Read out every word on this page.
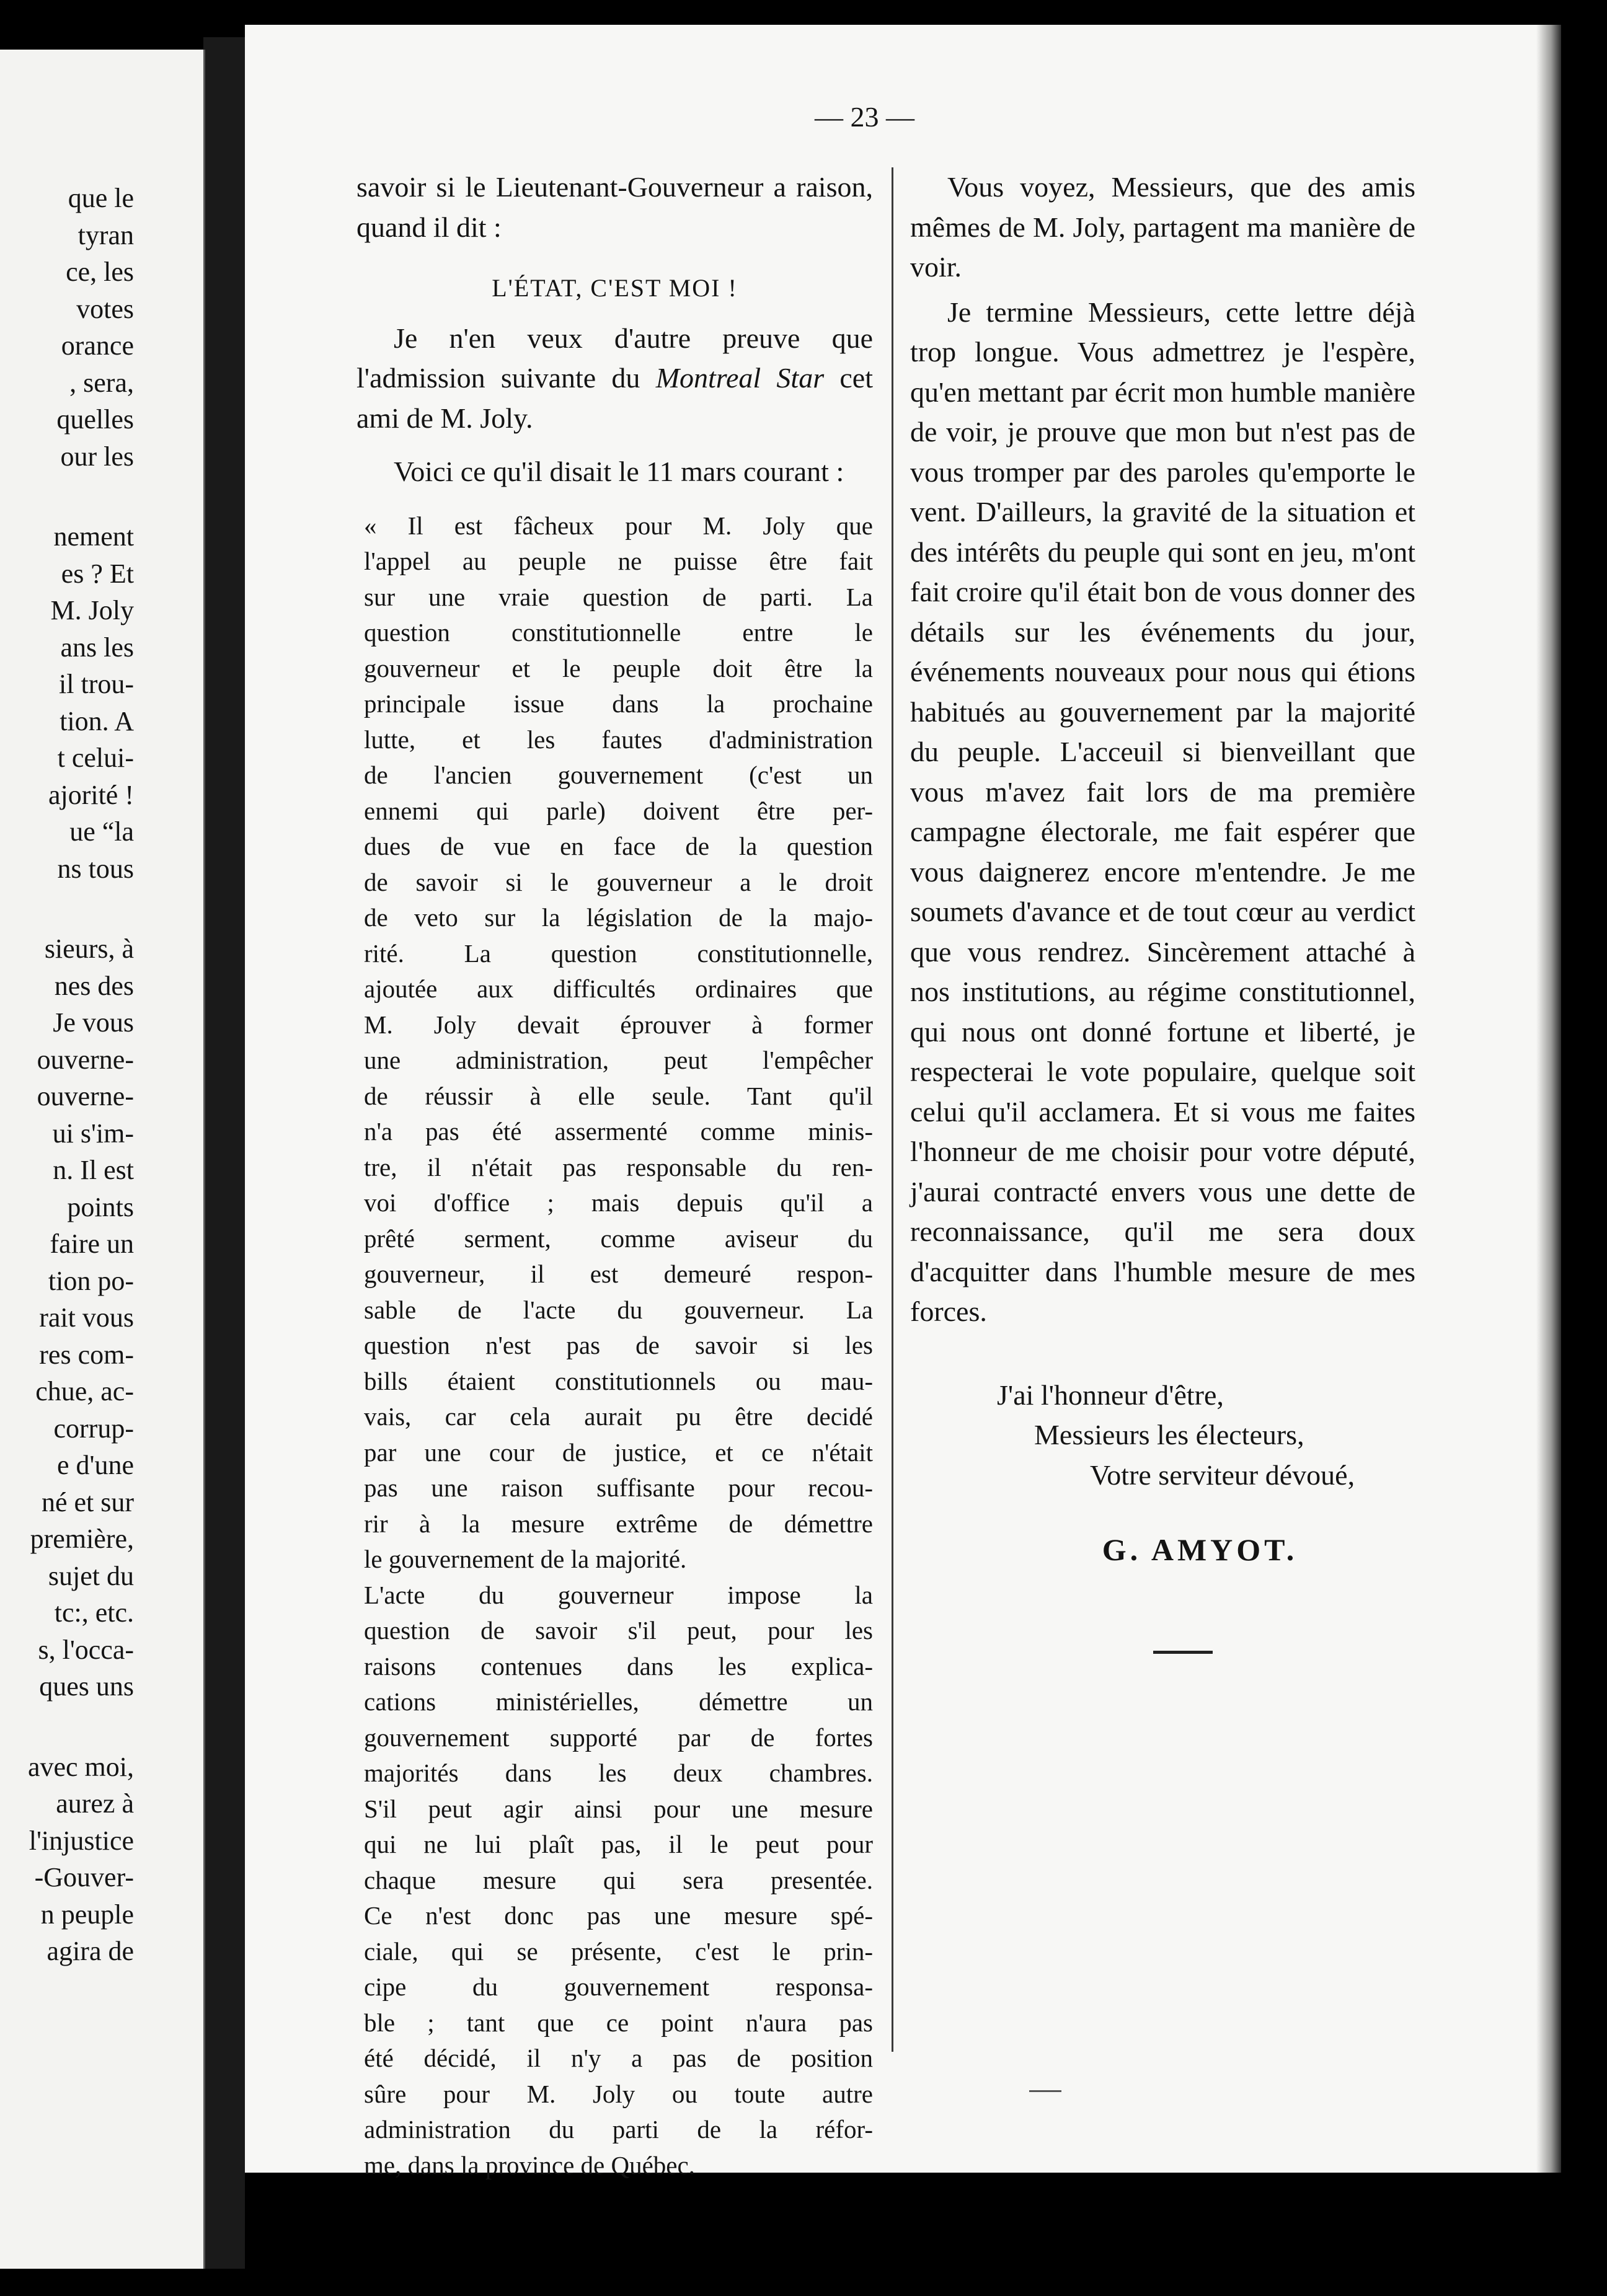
que le
tyran
ce, les
votes
orance
, sera,
quelles
our les
nement
es ? Et
M. Joly
ans les
il trou-
tion. A
t celui-
ajorité !
ue “la
ns tous
sieurs, à
nes des
Je vous
ouverne-
ouverne-
ui s'im-
n. Il est
points
faire un
tion po-
rait vous
res com-
chue, ac-
corrup-
e d'une
né et sur
première,
sujet du
tc:, etc.
s, l'occa-
ques uns
avec moi,
aurez à
l'injustice
-Gouver-
n peuple
agira de
— 23 —

savoir si le Lieutenant-Gouverneur a raison, quand il dit :

L'ÉTAT, C'EST MOI !

Je n'en veux d'autre preuve que l'admission suivante du Montreal Star cet ami de M. Joly.

Voici ce qu'il disait le 11 mars courant :

« Il est fâcheux pour M. Joly que
l'appel au peuple ne puisse être fait
sur une vraie question de parti. La
question constitutionnelle entre le
gouverneur et le peuple doit être la
principale issue dans la prochaine
lutte, et les fautes d'administration
de l'ancien gouvernement (c'est un
ennemi qui parle) doivent être per-
dues de vue en face de la question
de savoir si le gouverneur a le droit
de veto sur la législation de la majo-
rité. La question constitutionnelle,
ajoutée aux difficultés ordinaires que
M. Joly devait éprouver à former
une administration, peut l'empêcher
de réussir à elle seule. Tant qu'il
n'a pas été assermenté comme minis-
tre, il n'était pas responsable du ren-
voi d'office ; mais depuis qu'il a
prêté serment, comme aviseur du
gouverneur, il est demeuré respon-
sable de l'acte du gouverneur. La
question n'est pas de savoir si les
bills étaient constitutionnels ou mau-
vais, car cela aurait pu être decidé
par une cour de justice, et ce n'était
pas une raison suffisante pour recou-
rir à la mesure extrême de démettre
le gouvernement de la majorité.
L'acte du gouverneur impose la
question de savoir s'il peut, pour les
raisons contenues dans les explica-
cations ministérielles, démettre un
gouvernement supporté par de fortes
majorités dans les deux chambres.
S'il peut agir ainsi pour une mesure
qui ne lui plaît pas, il le peut pour
chaque mesure qui sera presentée.
Ce n'est donc pas une mesure spé-
ciale, qui se présente, c'est le prin-
cipe du gouvernement responsa-
ble ; tant que ce point n'aura pas
été décidé, il n'y a pas de position
sûre pour M. Joly ou toute autre
administration du parti de la réfor-
me, dans la province de Québec.

Vous voyez, Messieurs, que des amis mêmes de M. Joly, partagent ma manière de voir.

Je termine Messieurs, cette lettre déjà trop longue. Vous admettrez je l'espère, qu'en mettant par écrit mon humble manière de voir, je prouve que mon but n'est pas de vous tromper par des paroles qu'emporte le vent. D'ailleurs, la gravité de la situation et des intérêts du peuple qui sont en jeu, m'ont fait croire qu'il était bon de vous donner des détails sur les événements du jour, événements nouveaux pour nous qui étions habitués au gouvernement par la majorité du peuple. L'acceuil si bienveillant que vous m'avez fait lors de ma première campagne électorale, me fait espérer que vous daignerez encore m'entendre. Je me soumets d'avance et de tout cœur au verdict que vous rendrez. Sincèrement attaché à nos institutions, au régime constitutionnel, qui nous ont donné fortune et liberté, je respecterai le vote populaire, quelque soit celui qu'il acclamera. Et si vous me faites l'honneur de me choisir pour votre député, j'aurai contracté envers vous une dette de reconnaissance, qu'il me sera doux d'acquitter dans l'humble mesure de mes forces.

J'ai l'honneur d'être,

Messieurs les électeurs,

Votre serviteur dévoué,

G. AMYOT.
